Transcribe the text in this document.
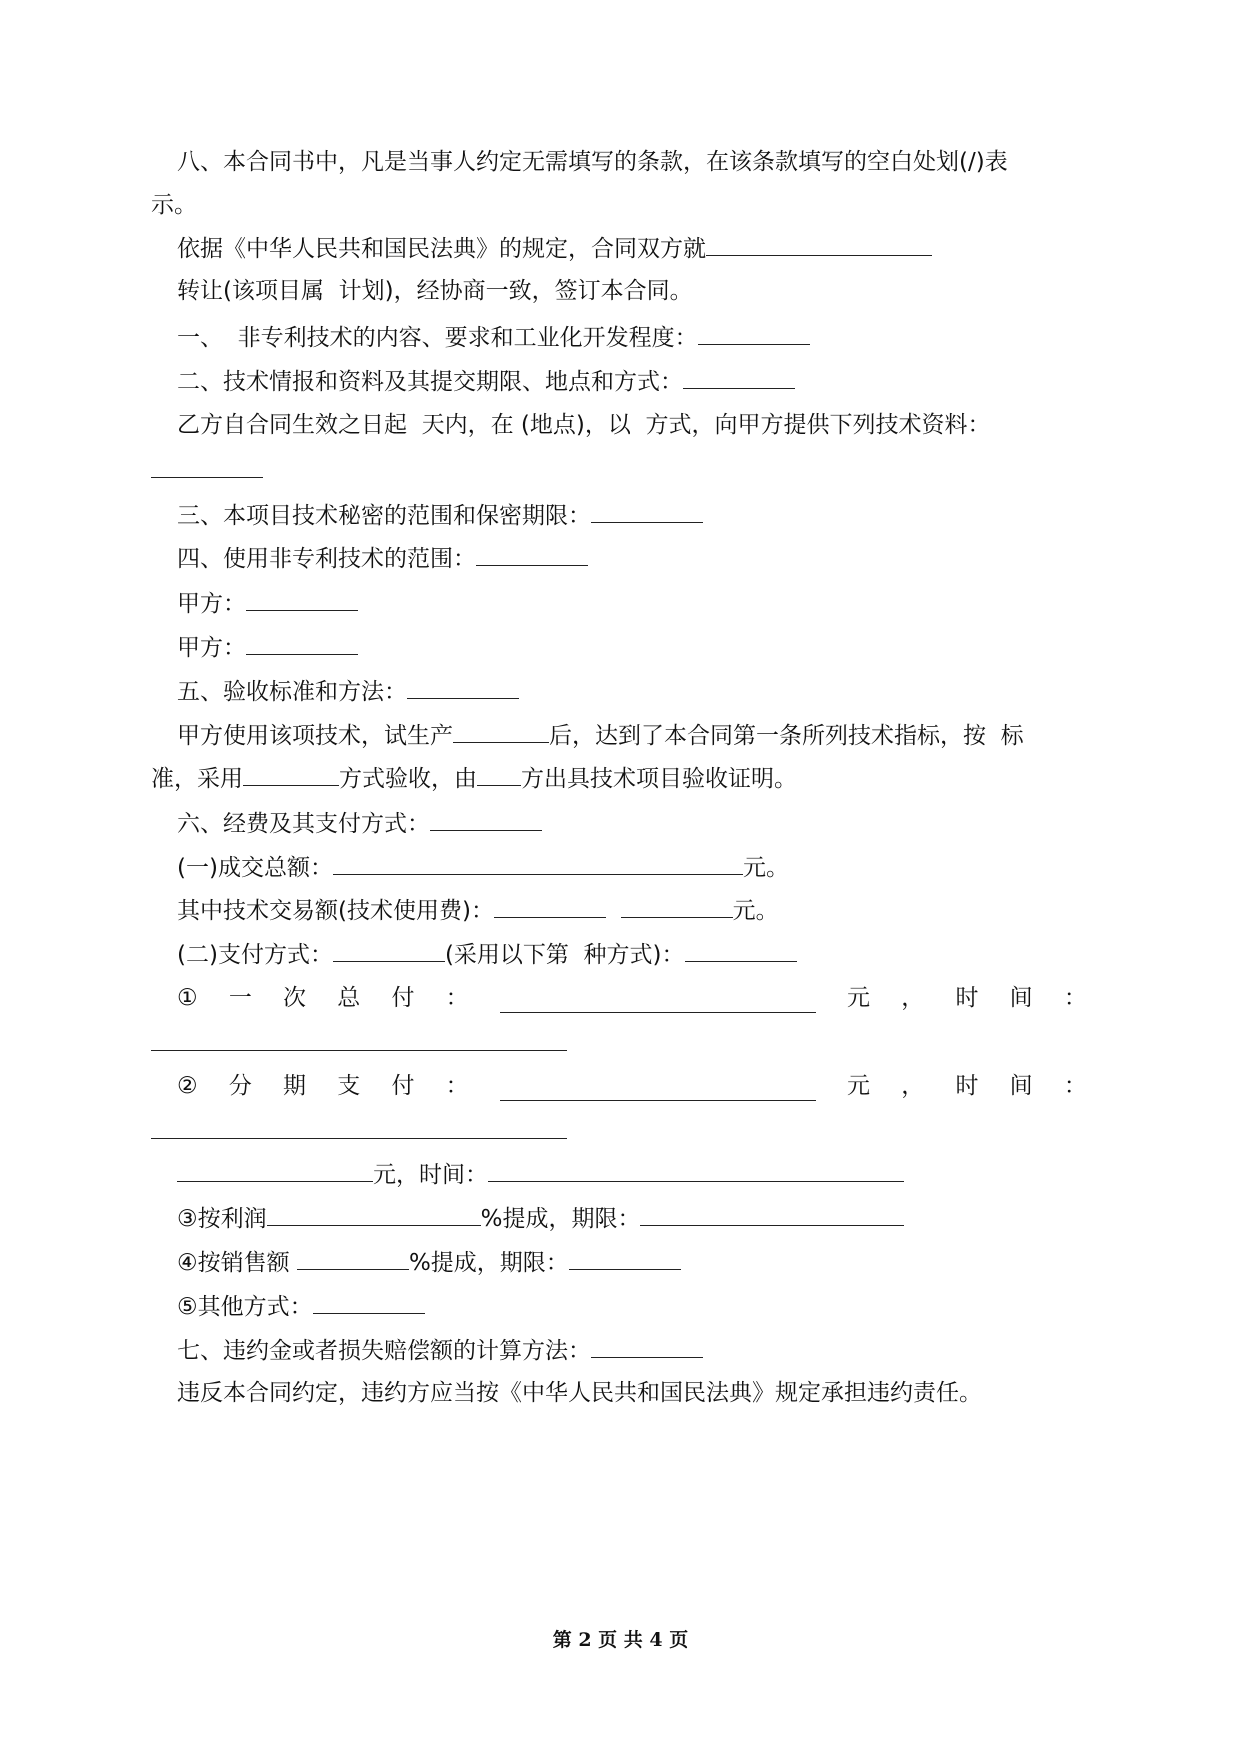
八、本合同书中，凡是当事人约定无需填写的条款，在该条款填写的空白处划(/)表
示。
依据《中华人民共和国民法典》的规定，合同双方就
转让(该项目属  计划)，经协商一致，签订本合同。
一、  非专利技术的内容、要求和工业化开发程度：
二、技术情报和资料及其提交期限、地点和方式：
乙方自合同生效之日起  天内，在 (地点)，以  方式，向甲方提供下列技术资料：
三、本项目技术秘密的范围和保密期限：
四、使用非专利技术的范围：
甲方：
甲方：
五、验收标准和方法：
甲方使用该项技术，试生产	后，达到了本合同第一条所列技术指标，按  标
准，采用	方式验收，由 方出具技术项目验收证明。
六、经费及其支付方式：
(一)成交总额：	元。
其中技术交易额(技术使用费)：	元。
(二)支付方式：	(采用以下第  种方式)：
① 一 次 总 付 ：	元 ， 时 间 ：
② 分 期 支 付 ：	元 ， 时 间 ：
元，时间：
③按利润	%提成，期限：
④按销售额	%提成，期限：
⑤其他方式：
七、违约金或者损失赔偿额的计算方法：
违反本合同约定，违约方应当按《中华人民共和国民法典》规定承担违约责任。
第 2 页 共 4 页
